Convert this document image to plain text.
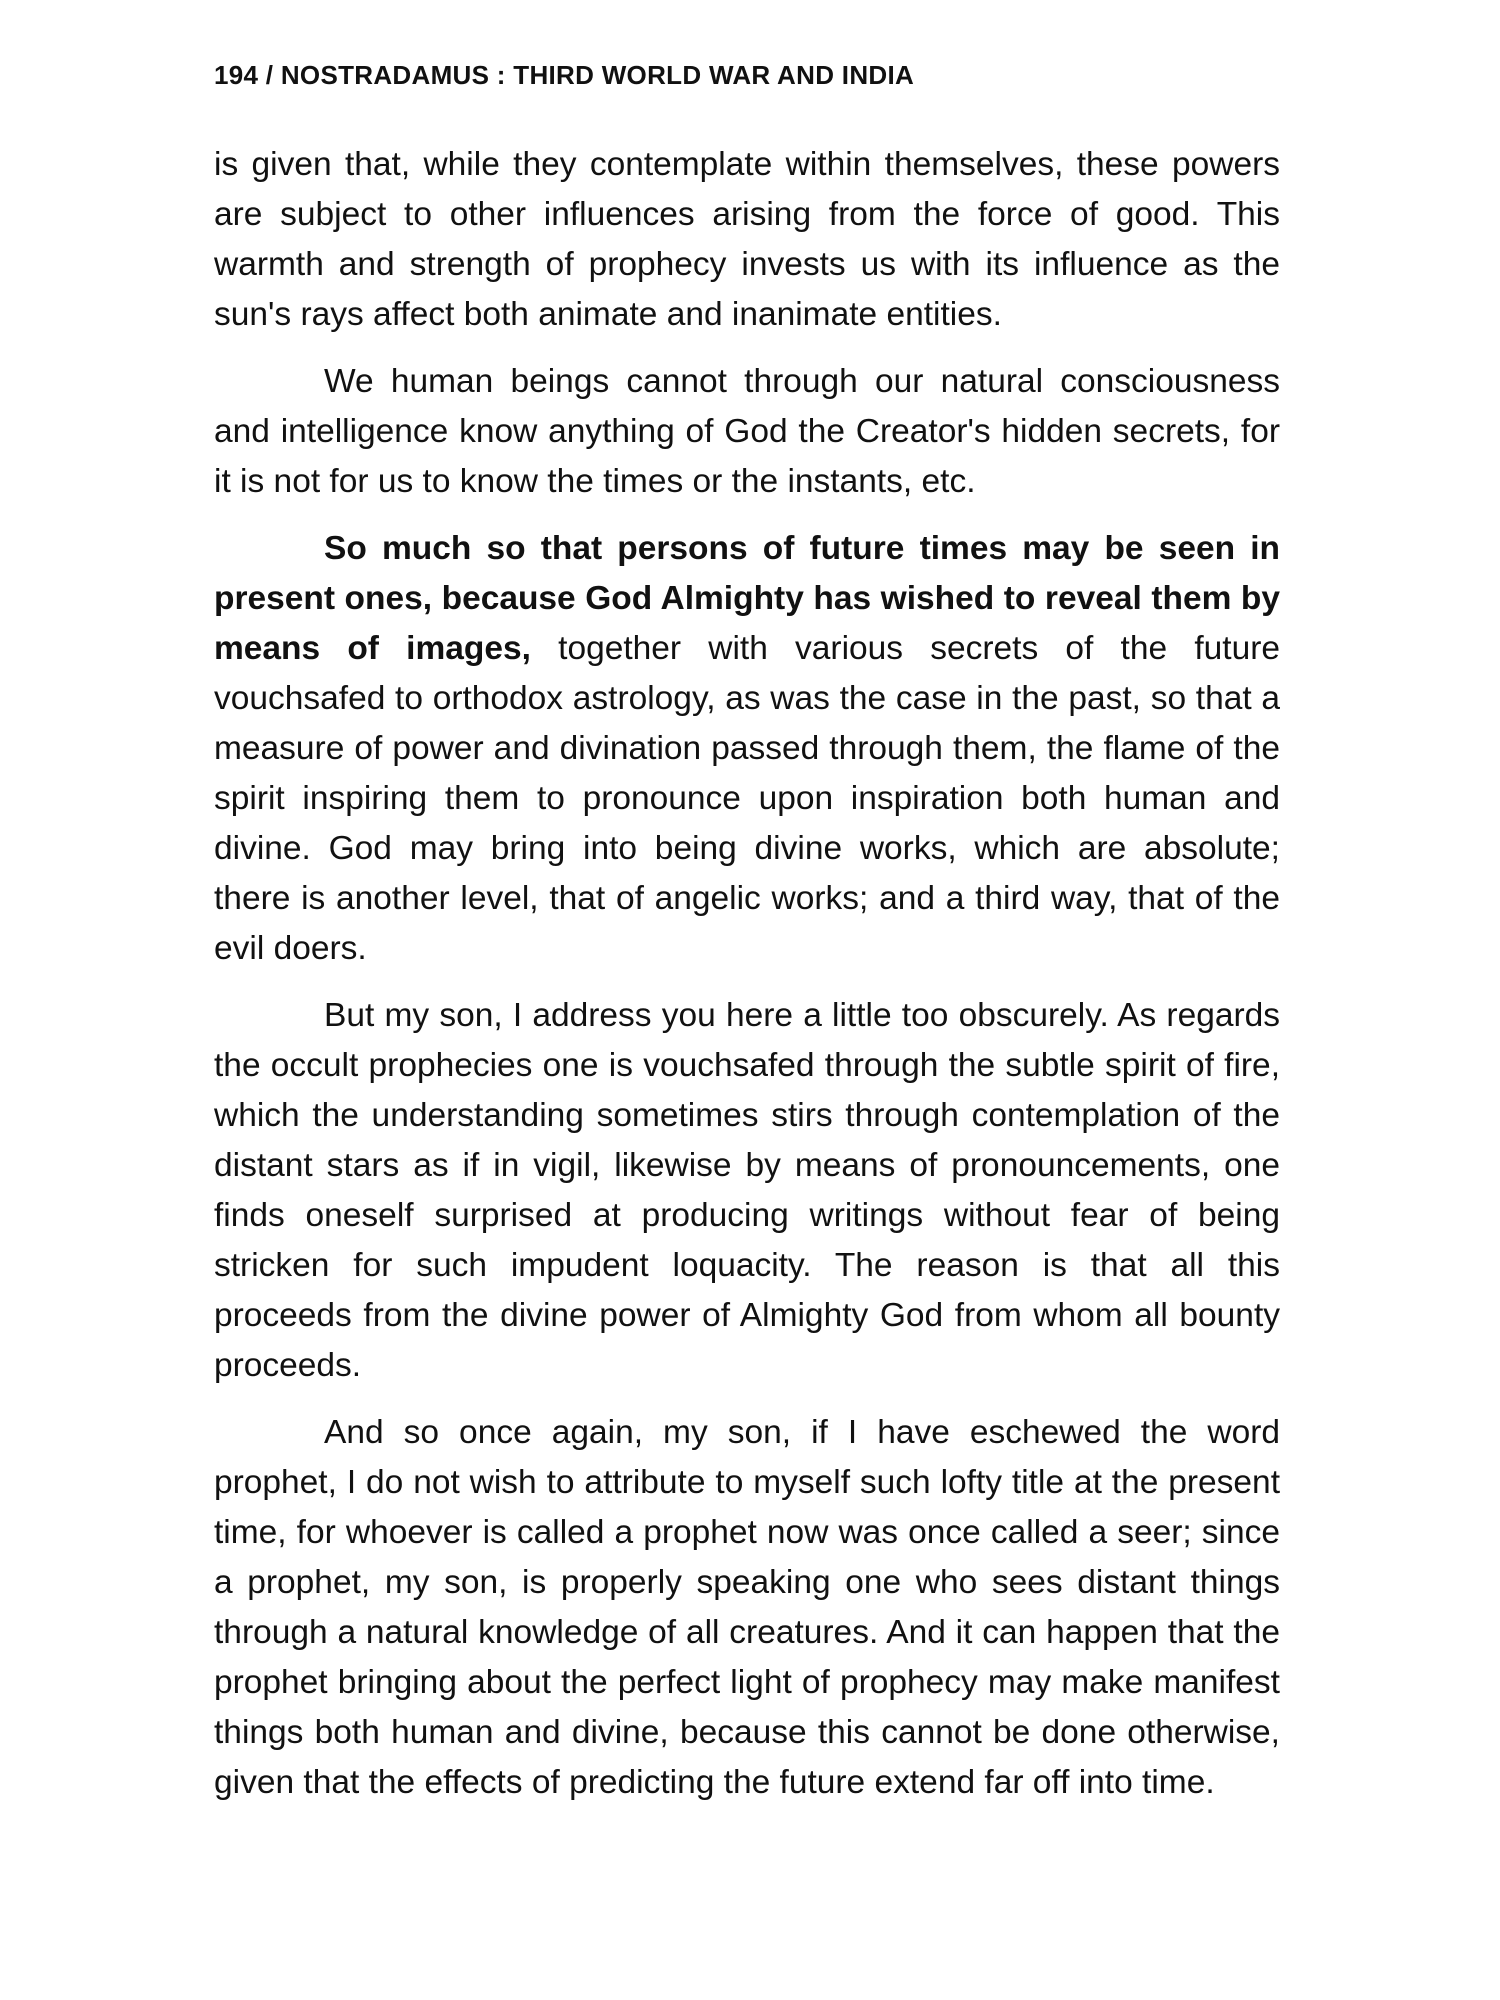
194 / NOSTRADAMUS : THIRD WORLD WAR AND INDIA

is given that, while they contemplate within themselves, these powers are subject to other influences arising from the force of good. This warmth and strength of prophecy invests us with its influence as the sun's rays affect both animate and inanimate entities.

We human beings cannot through our natural consciousness and intelligence know anything of God the Creator's hidden secrets, for it is not for us to know the times or the instants, etc.

So much so that persons of future times may be seen in present ones, because God Almighty has wished to reveal them by means of images, together with various secrets of the future vouchsafed to orthodox astrology, as was the case in the past, so that a measure of power and divination passed through them, the flame of the spirit inspiring them to pronounce upon inspiration both human and divine. God may bring into being divine works, which are absolute; there is another level, that of angelic works; and a third way, that of the evil doers.

But my son, I address you here a little too obscurely. As regards the occult prophecies one is vouchsafed through the subtle spirit of fire, which the understanding sometimes stirs through contemplation of the distant stars as if in vigil, likewise by means of pronouncements, one finds oneself surprised at producing writings without fear of being stricken for such impudent loquacity. The reason is that all this proceeds from the divine power of Almighty God from whom all bounty proceeds.

And so once again, my son, if I have eschewed the word prophet, I do not wish to attribute to myself such lofty title at the present time, for whoever is called a prophet now was once called a seer; since a prophet, my son, is properly speaking one who sees distant things through a natural knowledge of all creatures. And it can happen that the prophet bringing about the perfect light of prophecy may make manifest things both human and divine, because this cannot be done otherwise, given that the effects of predicting the future extend far off into time.
